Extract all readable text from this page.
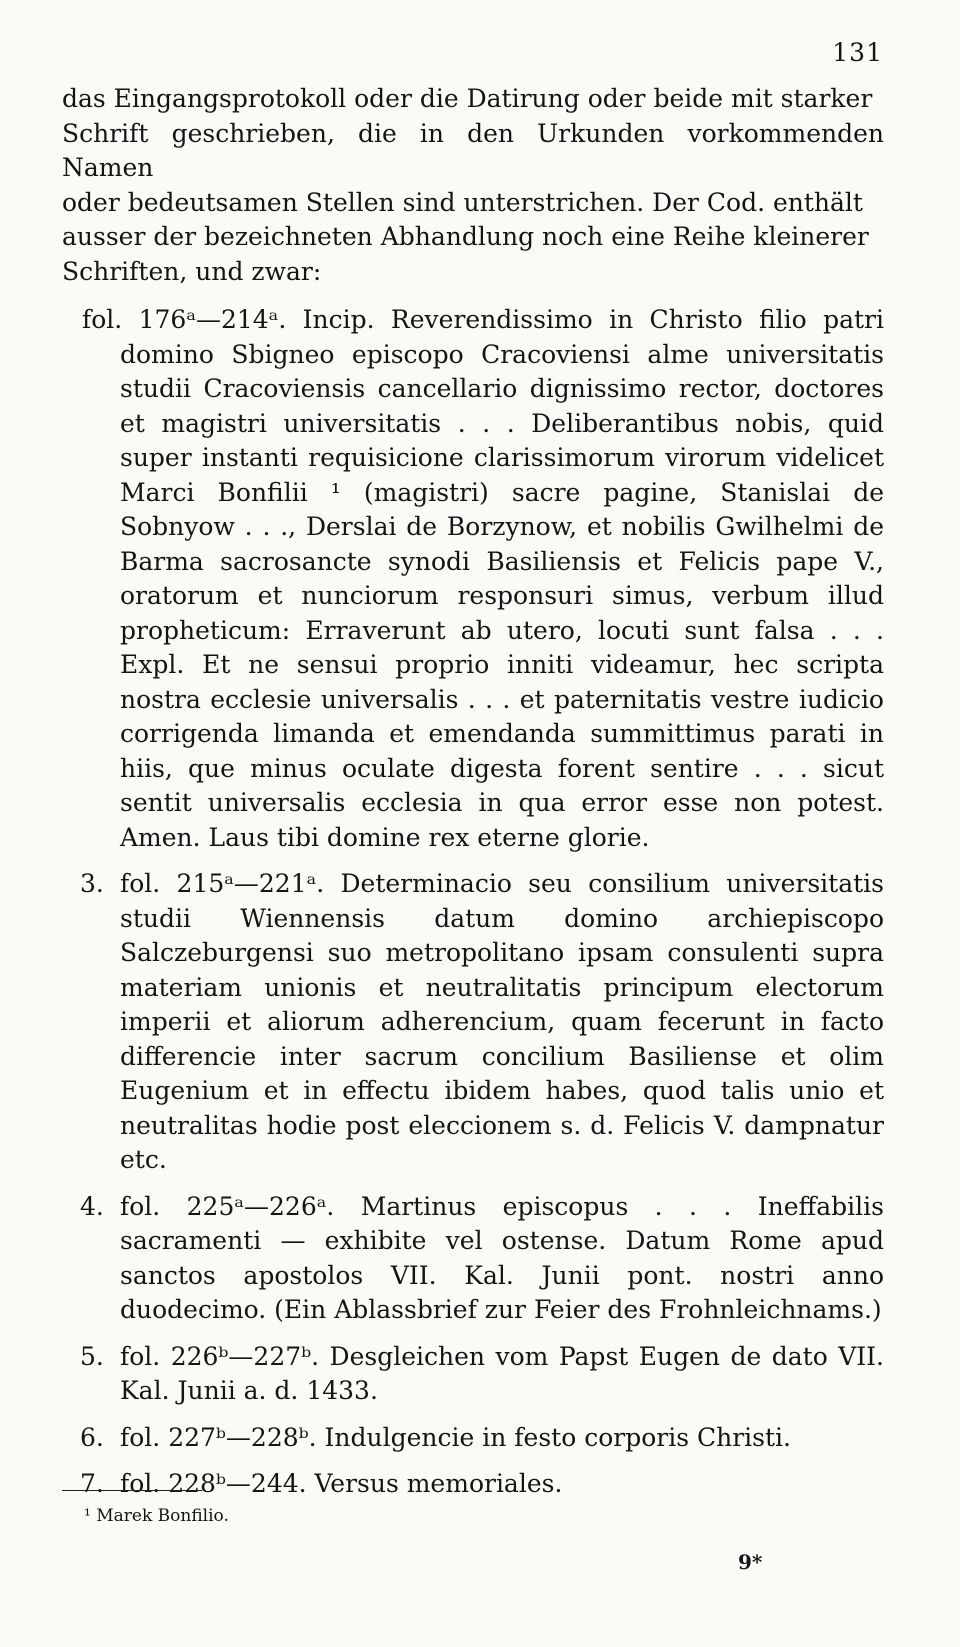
131

das Eingangsprotokoll oder die Datirung oder beide mit starker

Schrift geschrieben, die in den Urkunden vorkommenden Namen

oder bedeutsamen Stellen sind unterstrichen. Der Cod. enthält

ausser der bezeichneten Abhandlung noch eine Reihe kleinerer

Schriften, und zwar:

fol. 176ᵃ—214ᵃ. Incip. Reverendissimo in Christo filio patri domino Sbigneo episcopo Cracoviensi alme universitatis studii Cracoviensis cancellario dignissimo rector, doctores et magistri universitatis . . . Deliberantibus nobis, quid super instanti requisicione clarissimorum virorum videlicet Marci Bonfilii ¹ (magistri) sacre pagine, Stanislai de Sobnyow . . ., Derslai de Borzynow, et nobilis Gwilhelmi de Barma sacrosancte synodi Basiliensis et Felicis pape V., oratorum et nunciorum responsuri simus, verbum illud propheticum: Erraverunt ab utero, locuti sunt falsa . . . Expl. Et ne sensui proprio inniti videamur, hec scripta nostra ecclesie universalis . . . et paternitatis vestre iudicio corrigenda limanda et emendanda summittimus parati in hiis, que minus oculate digesta forent sentire . . . sicut sentit universalis ecclesia in qua error esse non potest. Amen. Laus tibi domine rex eterne glorie.
3. fol. 215ᵃ—221ᵃ. Determinacio seu consilium universitatis studii Wiennensis datum domino archiepiscopo Salczeburgensi suo metropolitano ipsam consulenti supra materiam unionis et neutralitatis principum electorum imperii et aliorum adherencium, quam fecerunt in facto differencie inter sacrum concilium Basiliense et olim Eugenium et in effectu ibidem habes, quod talis unio et neutralitas hodie post eleccionem s. d. Felicis V. dampnatur etc.
4. fol. 225ᵃ—226ᵃ. Martinus episcopus . . . Ineffabilis sacramenti — exhibite vel ostense. Datum Rome apud sanctos apostolos VII. Kal. Junii pont. nostri anno duodecimo. (Ein Ablassbrief zur Feier des Frohnleichnams.)
5. fol. 226ᵇ—227ᵇ. Desgleichen vom Papst Eugen de dato VII. Kal. Junii a. d. 1433.
6. fol. 227ᵇ—228ᵇ. Indulgencie in festo corporis Christi.
7. fol. 228ᵇ—244. Versus memoriales.
¹ Marek Bonfilio.
9*
